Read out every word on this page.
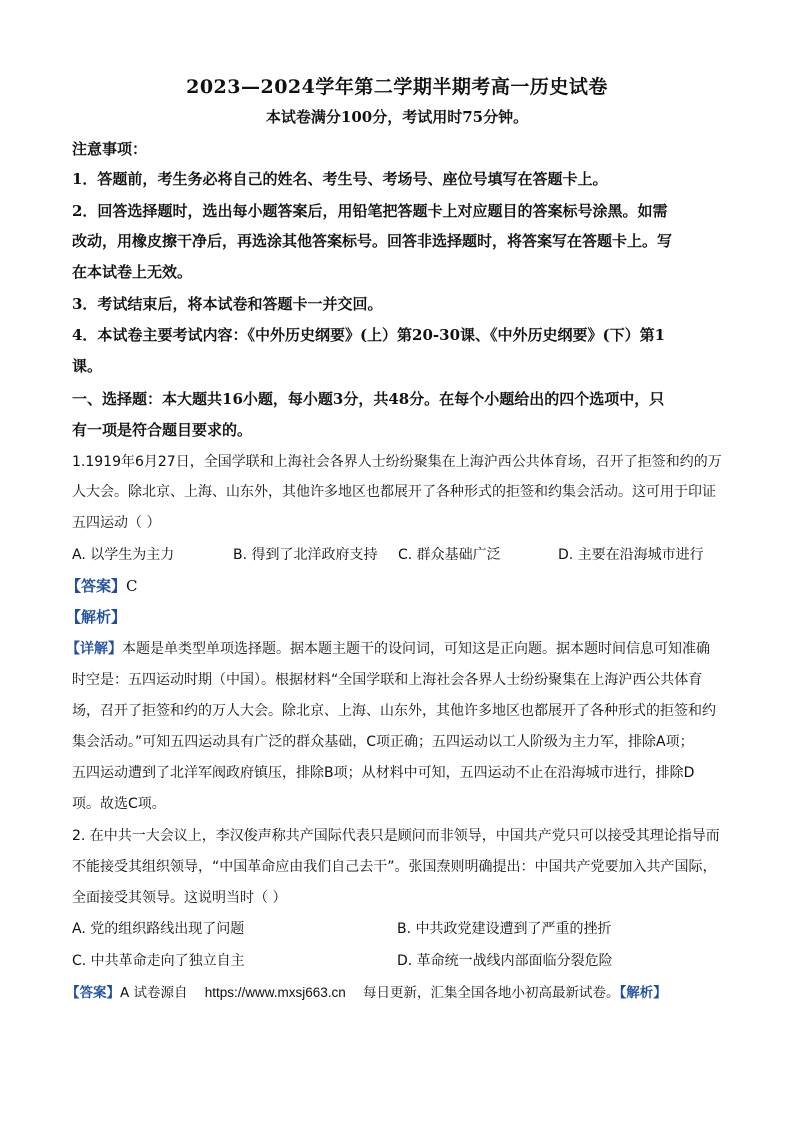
2023—2024学年第二学期半期考高一历史试卷
本试卷满分100分，考试用时75分钟。
注意事项：
1．答题前，考生务必将自己的姓名、考生号、考场号、座位号填写在答题卡上。
2．回答选择题时，选出每小题答案后，用铅笔把答题卡上对应题目的答案标号涂黑。如需
改动，用橡皮擦干净后，再选涂其他答案标号。回答非选择题时，将答案写在答题卡上。写
在本试卷上无效。
3．考试结束后，将本试卷和答题卡一并交回。
4．本试卷主要考试内容：《中外历史纲要》(上）第20-30课、《中外历史纲要》(下）第1
课。
一、选择题：本大题共16小题，每小题3分，共48分。在每个小题给出的四个选项中，只
有一项是符合题目要求的。
1.1919年6月27日，全国学联和上海社会各界人士纷纷聚集在上海沪西公共体育场，召开了拒签和约的万
人大会。除北京、上海、山东外，其他许多地区也都展开了各种形式的拒签和约集会活动。这可用于印证
五四运动（ ）
A. 以学生为主力	B. 得到了北洋政府支持 C. 群众基础广泛	D. 主要在沿海城市进行
【答案】C
【解析】
【详解】本题是单类型单项选择题。据本题主题干的设问词，可知这是正向题。据本题时间信息可知准确
时空是：五四运动时期（中国）。根据材料“全国学联和上海社会各界人士纷纷聚集在上海沪西公共体育
场，召开了拒签和约的万人大会。除北京、上海、山东外，其他许多地区也都展开了各种形式的拒签和约
集会活动。”可知五四运动具有广泛的群众基础，C项正确；五四运动以工人阶级为主力军，排除A项；
五四运动遭到了北洋军阀政府镇压，排除B项；从材料中可知，五四运动不止在沿海城市进行，排除D
项。故选C项。
2. 在中共一大会议上，李汉俊声称共产国际代表只是顾问而非领导，中国共产党只可以接受其理论指导而
不能接受其组织领导，“中国革命应由我们自己去干”。张国焘则明确提出：中国共产党要加入共产国际，
全面接受其领导。这说明当时（ ）
A. 党的组织路线出现了问题	B. 中共政党建设遭到了严重的挫折
C. 中共革命走向了独立自主	D. 革命统一战线内部面临分裂危险
【答案】A 试卷源自 https://www.mxsj663.cn 每日更新，汇集全国各地小初高最新试卷。【解析】
